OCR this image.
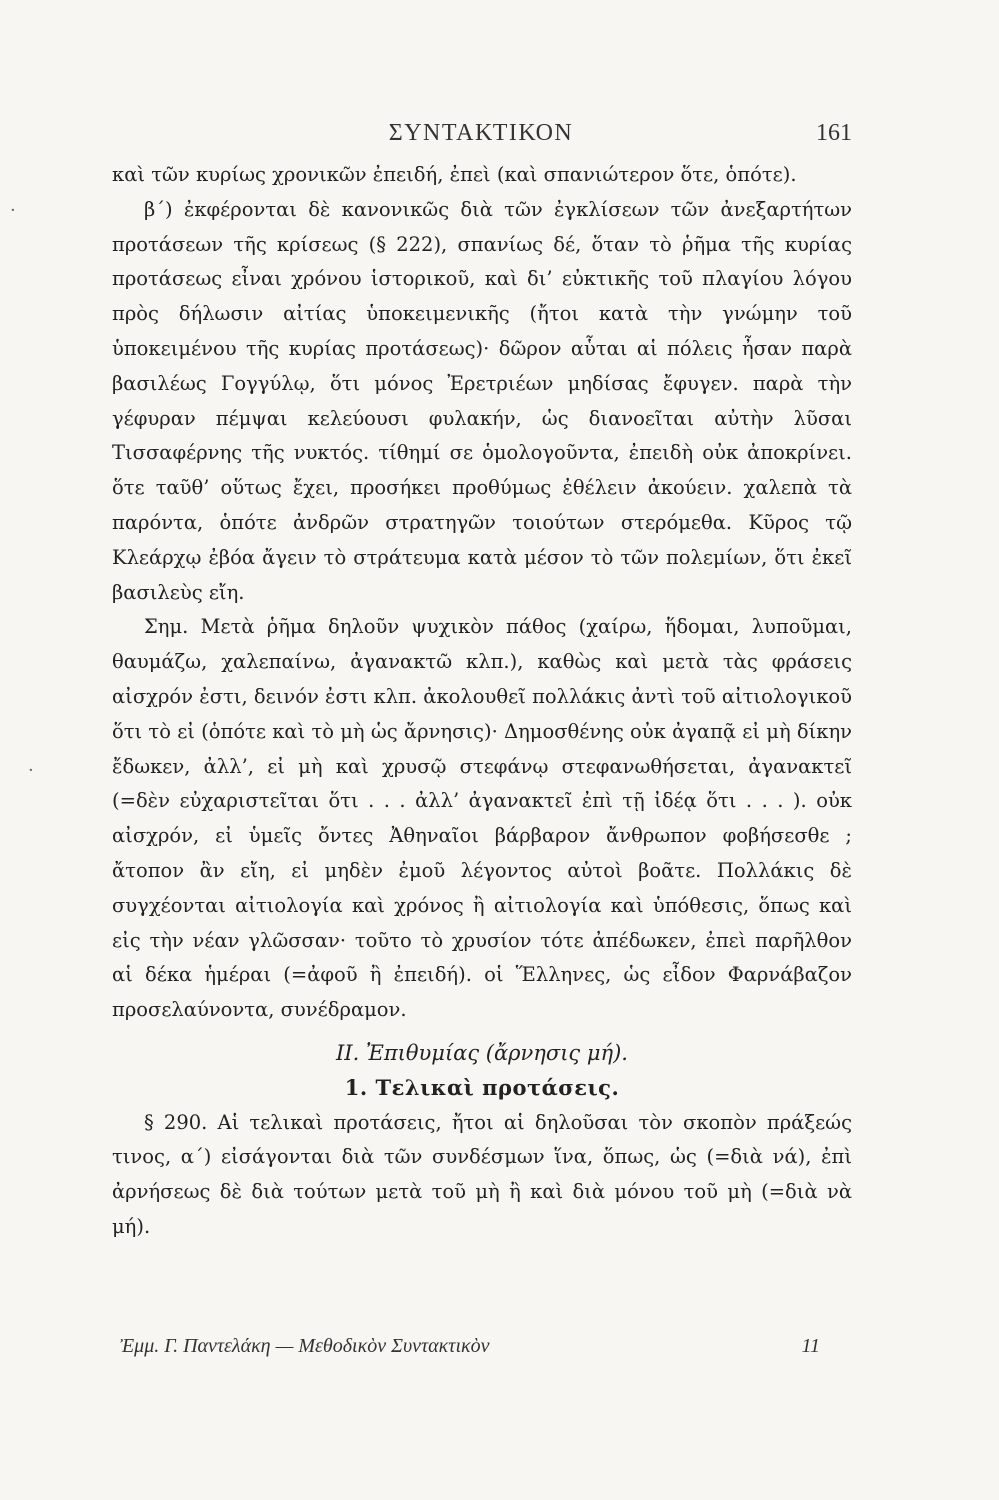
ΣΥΝΤΑΚΤΙΚΟΝ	161
·
·

καὶ τῶν κυρίως χρονικῶν ἐπειδή, ἐπεὶ (καὶ σπανιώτερον ὅτε, ὁπότε).

β΄) ἐκφέρονται δὲ κανονικῶς διὰ τῶν ἐγκλίσεων τῶν ἀνεξαρτήτων προτάσεων τῆς κρίσεως (§ 222), σπανίως δέ, ὅταν τὸ ῥῆμα τῆς κυρίας προτάσεως εἶναι χρόνου ἱστορικοῦ, καὶ δι’ εὐκτικῆς τοῦ πλαγίου λόγου πρὸς δήλωσιν αἰτίας ὑποκειμενικῆς (ἤτοι κατὰ τὴν γνώμην τοῦ ὑποκειμένου τῆς κυρίας προτάσεως)· δῶρον αὗται αἱ πόλεις ἦσαν παρὰ βασιλέως Γογγύλῳ, ὅτι μόνος Ἐρετριέων μηδίσας ἔφυγεν. παρὰ τὴν γέφυραν πέμψαι κελεύουσι φυλακήν, ὡς διανοεῖται αὐτὴν λῦσαι Τισσαφέρνης τῆς νυκτός. τίθημί σε ὁμολογοῦντα, ἐπειδὴ οὐκ ἀποκρίνει. ὅτε ταῦθ’ οὕτως ἔχει, προσήκει προθύμως ἐθέλειν ἀκούειν. χαλεπὰ τὰ παρόντα, ὁπότε ἀνδρῶν στρατηγῶν τοιούτων στερόμεθα. Κῦρος τῷ Κλεάρχῳ ἐβόα ἄγειν τὸ στράτευμα κατὰ μέσον τὸ τῶν πολεμίων, ὅτι ἐκεῖ βασιλεὺς εἴη.

Σημ. Μετὰ ῥῆμα δηλοῦν ψυχικὸν πάθος (χαίρω, ἥδομαι, λυποῦμαι, θαυμάζω, χαλεπαίνω, ἀγανακτῶ κλπ.), καθὼς καὶ μετὰ τὰς φράσεις αἰσχρόν ἐστι, δεινόν ἐστι κλπ. ἀκολουθεῖ πολλάκις ἀντὶ τοῦ αἰτιολογικοῦ ὅτι τὸ εἰ (ὁπότε καὶ τὸ μὴ ὡς ἄρνησις)· Δημοσθένης οὐκ ἀγαπᾷ εἰ μὴ δίκην ἔδωκεν, ἀλλ’, εἰ μὴ καὶ χρυσῷ στεφάνῳ στεφανωθήσεται, ἀγανακτεῖ (=δὲν εὐχαριστεῖται ὅτι . . . ἀλλ’ ἀγανακτεῖ ἐπὶ τῇ ἰδέᾳ ὅτι . . . ). οὐκ αἰσχρόν, εἰ ὑμεῖς ὄντες Ἀθηναῖοι βάρβαρον ἄνθρωπον φοβήσεσθε ; ἄτοπον ἂν εἴη, εἰ μηδὲν ἐμοῦ λέγοντος αὐτοὶ βοᾶτε. Πολλάκις δὲ συγχέονται αἰτιολογία καὶ χρόνος ἢ αἰτιολογία καὶ ὑπόθεσις, ὅπως καὶ εἰς τὴν νέαν γλῶσσαν· τοῦτο τὸ χρυσίον τότε ἀπέδωκεν, ἐπεὶ παρῆλθον αἱ δέκα ἡμέραι (=ἀφοῦ ἢ ἐπειδή). οἱ Ἕλληνες, ὡς εἶδον Φαρνάβαζον προσελαύνοντα, συνέδραμον.

II. Ἐπιθυμίας (ἄρνησις μή).

1. Τελικαὶ προτάσεις.

§ 290. Αἱ τελικαὶ προτάσεις, ἤτοι αἱ δηλοῦσαι τὸν σκοπὸν πράξεώς τινος, α΄) εἰσάγονται διὰ τῶν συνδέσμων ἵνα, ὅπως, ὡς (=διὰ νά), ἐπὶ ἀρνήσεως δὲ διὰ τούτων μετὰ τοῦ μὴ ἢ καὶ διὰ μόνου τοῦ μὴ (=διὰ νὰ μή).

Ἐμμ. Γ. Παντελάκη — Μεθοδικὸν Συντακτικὸν	11
